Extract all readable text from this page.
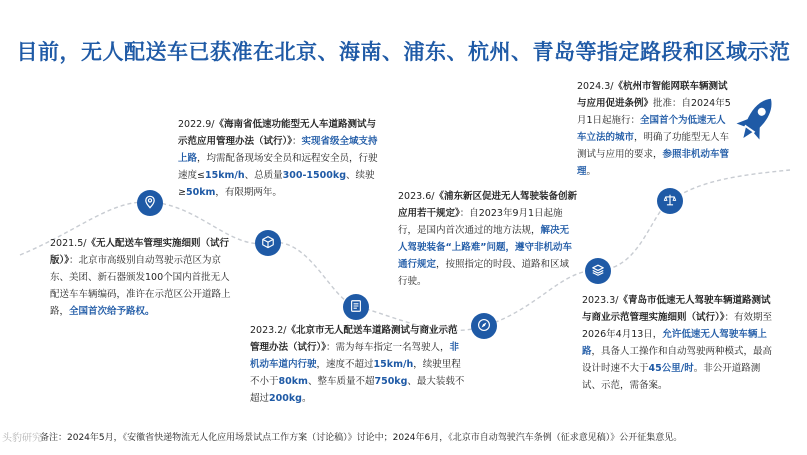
目前，无人配送车已获准在北京、海南、浦东、杭州、青岛等指定路段和区域示范
2021.5/《无人配送车管理实施细则（试行版）》：北京市高级别自动驾驶示范区为京东、美团、新石器颁发100个国内首批无人配送车车辆编码，准许在示范区公开道路上路，全国首次给予路权。
2022.9/《海南省低速功能型无人车道路测试与示范应用管理办法（试行）》：实现省级全域支持上路，均需配备现场安全员和远程安全员，行驶速度≤15km/h、总质量300-1500kg、续驶≥50km，有限期两年。
2023.2/《北京市无人配送车道路测试与商业示范管理办法（试行）》：需为每车指定一名驾驶人，非机动车道内行驶，速度不超过15km/h，续驶里程不小于80km、整车质量不超750kg、最大装载不超过200kg。
2023.6/《浦东新区促进无人驾驶装备创新应用若干规定》：自2023年9月1日起施行，是国内首次通过的地方法规，解决无人驾驶装备“上路难”问题，遵守非机动车通行规定，按照指定的时段、道路和区域行驶。
2023.3/《青岛市低速无人驾驶车辆道路测试与商业示范管理实施细则（试行）》：有效期至2026年4月13日，允许低速无人驾驶车辆上路，具备人工操作和自动驾驶两种模式，最高设计时速不大于45公里/时。非公开道路测试、示范，需备案。
2024.3/《杭州市智能网联车辆测试与应用促进条例》批准：自2024年5月1日起施行：全国首个为低速无人车立法的城市，明确了功能型无人车测试与应用的要求，参照非机动车管理。
头豹研究
备注：2024年5月，《安徽省快递物流无人化应用场景试点工作方案（讨论稿）》讨论中；2024年6月，《北京市自动驾驶汽车条例（征求意见稿）》公开征集意见。
